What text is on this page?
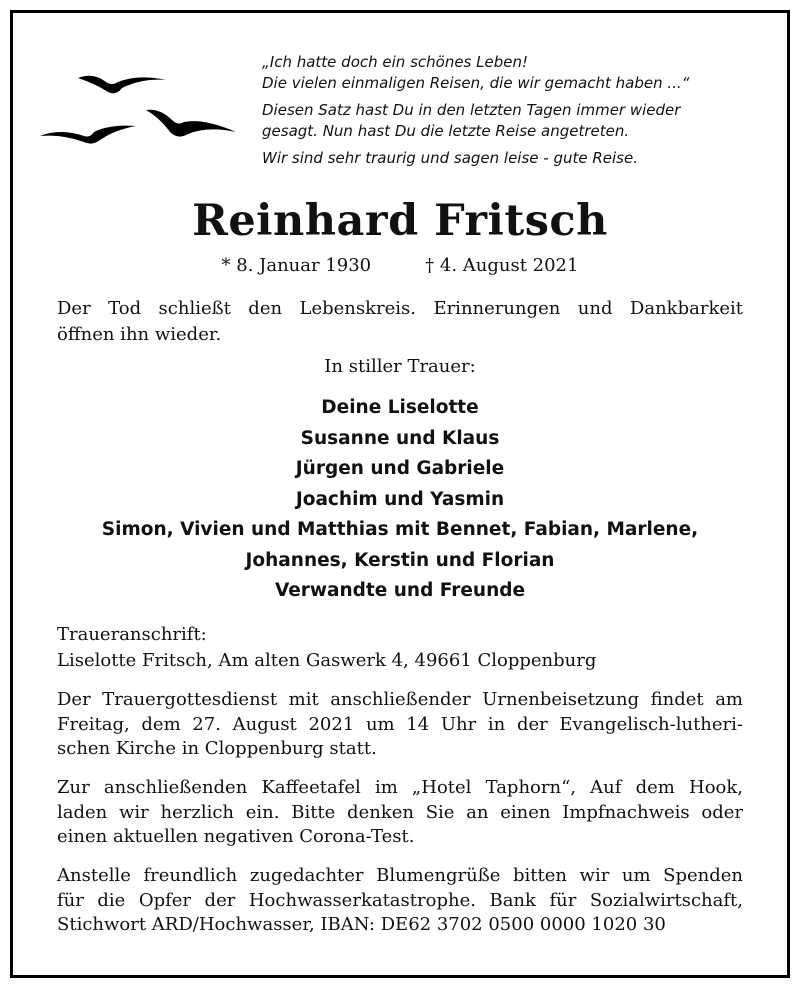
„Ich hatte doch ein schönes Leben!
Die vielen einmaligen Reisen, die wir gemacht haben ...“

Diesen Satz hast Du in den letzten Tagen immer wieder
gesagt. Nun hast Du die letzte Reise angetreten.

Wir sind sehr traurig und sagen leise - gute Reise.

Reinhard Fritsch
* 8. Januar 1930	† 4. August 2021
Der Tod schließt den Lebenskreis. Erinnerungen und Dankbarkeit
öffnen ihn wieder.
In stiller Trauer:
Deine Liselotte
Susanne und Klaus
Jürgen und Gabriele
Joachim und Yasmin
Simon, Vivien und Matthias mit Bennet, Fabian, Marlene,
Johannes, Kerstin und Florian
Verwandte und Freunde
Traueranschrift:
Liselotte Fritsch, Am alten Gaswerk 4, 49661 Cloppenburg
Der Trauergottesdienst mit anschließender Urnenbeisetzung findet am
Freitag, dem 27. August 2021 um 14 Uhr in der Evangelisch-lutheri-
schen Kirche in Cloppenburg statt.
Zur anschließenden Kaffeetafel im „Hotel Taphorn“, Auf dem Hook,
laden wir herzlich ein. Bitte denken Sie an einen Impfnachweis oder
einen aktuellen negativen Corona-Test.
Anstelle freundlich zugedachter Blumengrüße bitten wir um Spenden
für die Opfer der Hochwasserkatastrophe. Bank für Sozialwirtschaft,
Stichwort ARD/Hochwasser, IBAN: DE62 3702 0500 0000 1020 30
